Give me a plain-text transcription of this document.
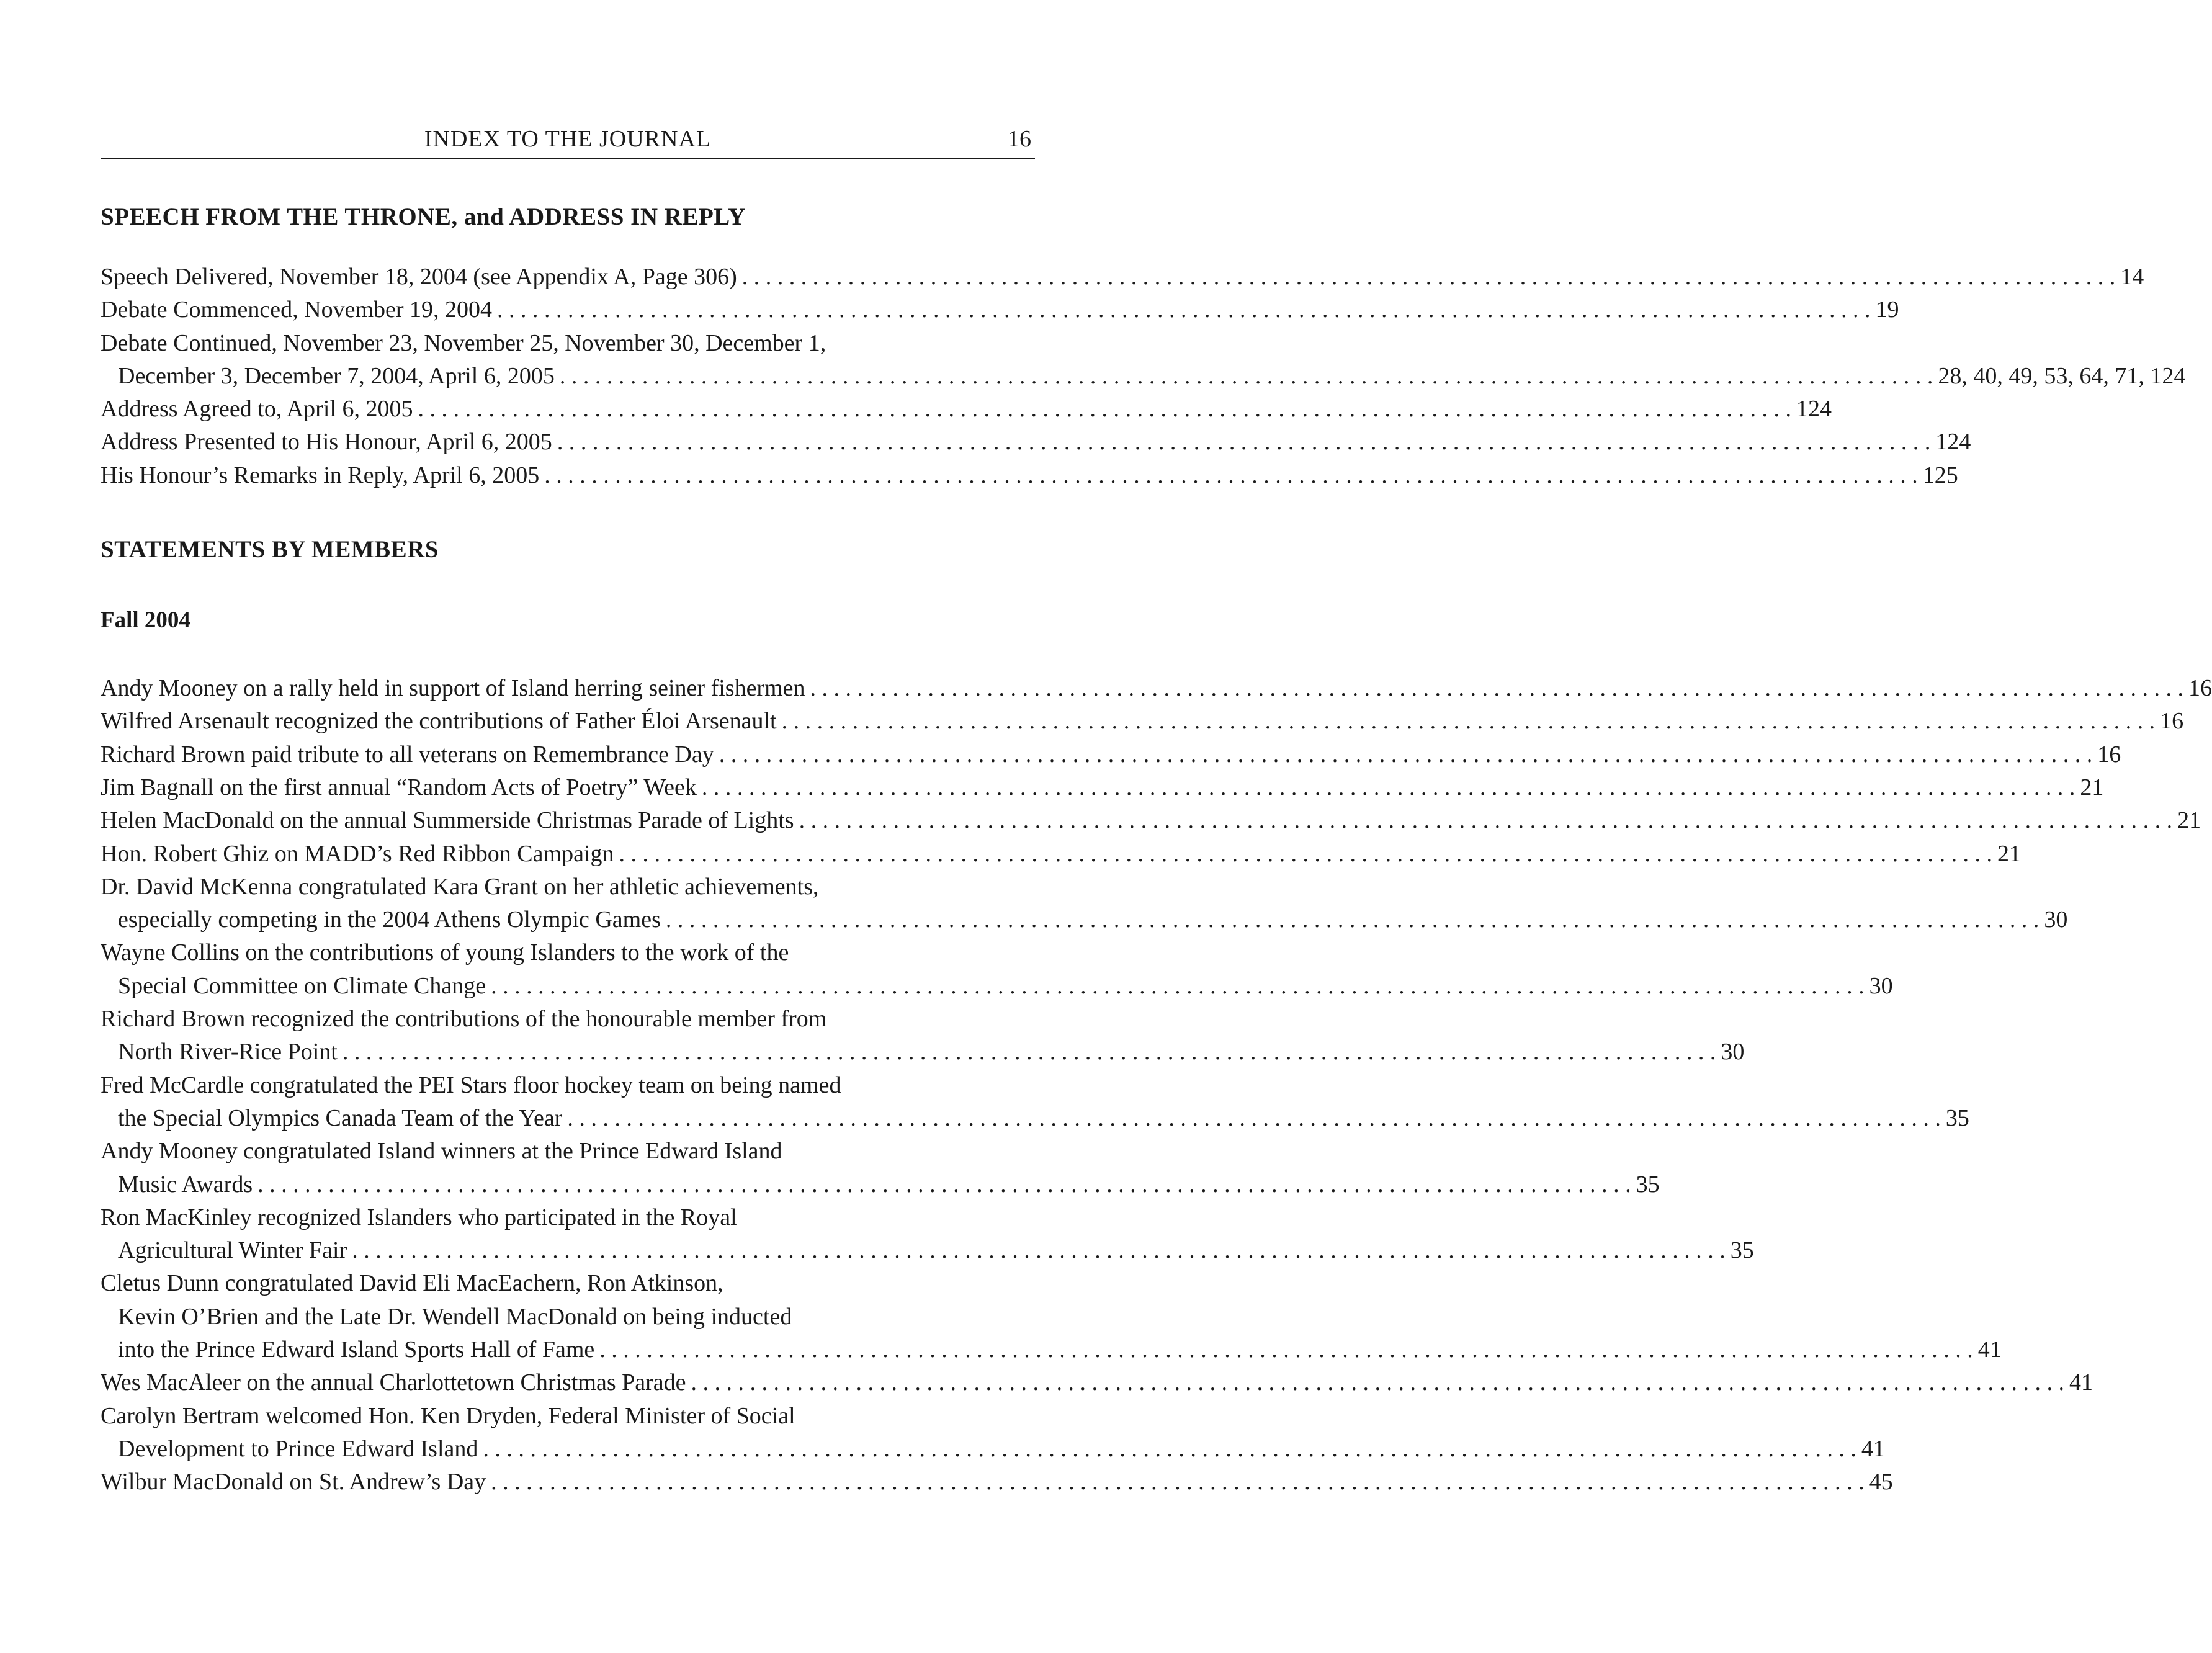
INDEX TO THE JOURNAL	16
SPEECH FROM THE THRONE, and ADDRESS IN REPLY
Speech Delivered, November 18, 2004 (see Appendix A, Page 306) . . .	14
Debate Commenced, November 19, 2004 . . .	19
Debate Continued, November 23, November 25, November 30, December 1,
December 3, December 7, 2004, April 6, 2005 . . .	28, 40, 49, 53, 64, 71, 124
Address Agreed to, April 6, 2005 . . .	124
Address Presented to His Honour, April 6, 2005 . . .	124
His Honour’s Remarks in Reply, April 6, 2005 . . .	125
STATEMENTS BY MEMBERS
Fall 2004
Andy Mooney on a rally held in support of Island herring seiner fishermen . . .	16
Wilfred Arsenault recognized the contributions of Father Éloi Arsenault . . .	16
Richard Brown paid tribute to all veterans on Remembrance Day . . .	16
Jim Bagnall on the first annual “Random Acts of Poetry” Week . . .	21
Helen MacDonald on the annual Summerside Christmas Parade of Lights . . .	21
Hon. Robert Ghiz on MADD’s Red Ribbon Campaign . . .	21
Dr. David McKenna congratulated Kara Grant on her athletic achievements,
especially competing in the 2004 Athens Olympic Games . . .	30
Wayne Collins on the contributions of young Islanders to the work of the
Special Committee on Climate Change . . .	30
Richard Brown recognized the contributions of the honourable member from
North River-Rice Point . . .	30
Fred McCardle congratulated the PEI Stars floor hockey team on being named
the Special Olympics Canada Team of the Year . . .	35
Andy Mooney congratulated Island winners at the Prince Edward Island
Music Awards . . .	35
Ron MacKinley recognized Islanders who participated in the Royal
Agricultural Winter Fair . . .	35
Cletus Dunn congratulated David Eli MacEachern, Ron Atkinson,
Kevin O’Brien and the Late Dr. Wendell MacDonald on being inducted
into the Prince Edward Island Sports Hall of Fame . . .	41
Wes MacAleer on the annual Charlottetown Christmas Parade . . .	41
Carolyn Bertram welcomed Hon. Ken Dryden, Federal Minister of Social
Development to Prince Edward Island . . .	41
Wilbur MacDonald on St. Andrew’s Day . . .	45
